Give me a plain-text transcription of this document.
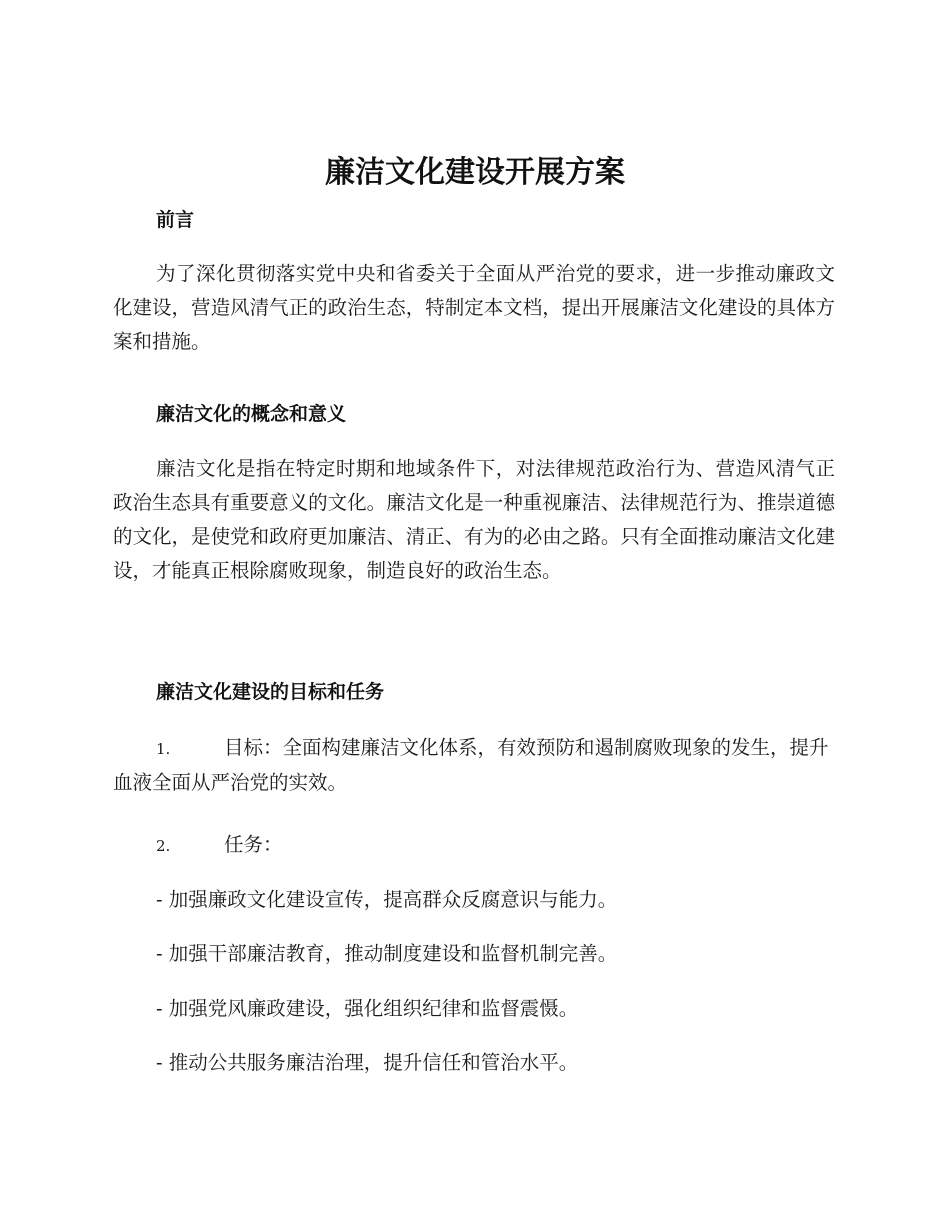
廉洁文化建设开展方案
前言

为了深化贯彻落实党中央和省委关于全面从严治党的要求，进一步推动廉政文化建设，营造风清气正的政治生态，特制定本文档，提出开展廉洁文化建设的具体方案和措施。

廉洁文化的概念和意义

廉洁文化是指在特定时期和地域条件下，对法律规范政治行为、营造风清气正政治生态具有重要意义的文化。廉洁文化是一种重视廉洁、法律规范行为、推崇道德的文化，是使党和政府更加廉洁、清正、有为的必由之路。只有全面推动廉洁文化建设，才能真正根除腐败现象，制造良好的政治生态。

廉洁文化建设的目标和任务

1.	目标：全面构建廉洁文化体系，有效预防和遏制腐败现象的发生，提升血液全面从严治党的实效。

2.	任务：

- 加强廉政文化建设宣传，提高群众反腐意识与能力。

- 加强干部廉洁教育，推动制度建设和监督机制完善。

- 加强党风廉政建设，强化组织纪律和监督震慑。

- 推动公共服务廉洁治理，提升信任和管治水平。
